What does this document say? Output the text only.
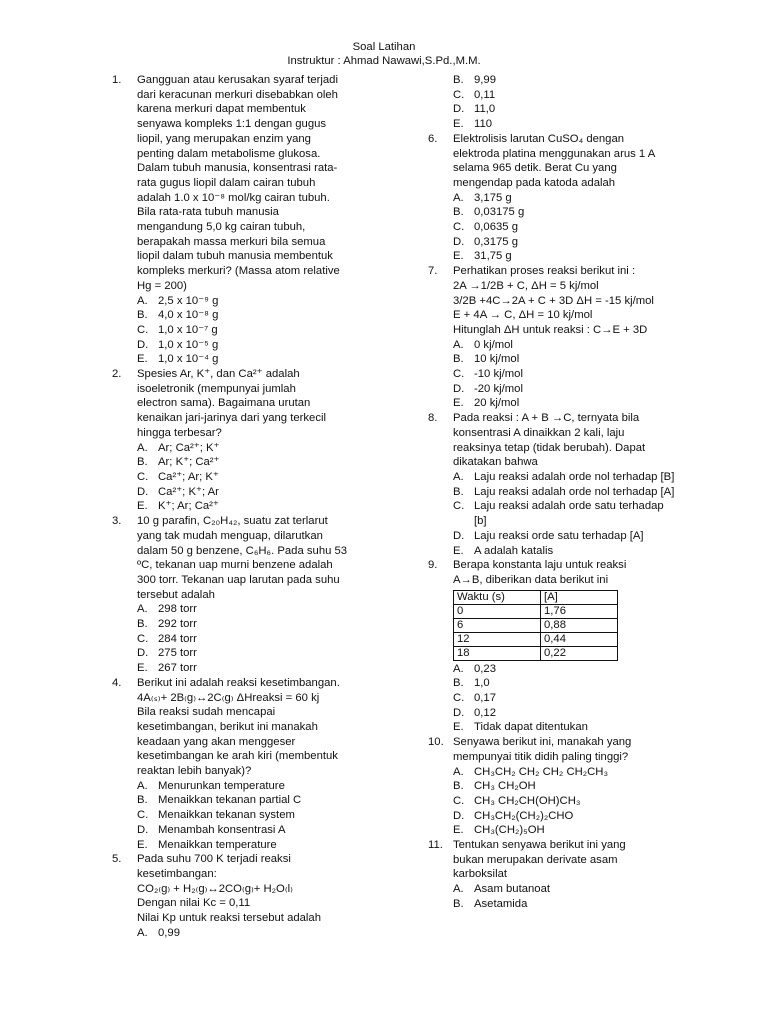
Soal Latihan
Instruktur : Ahmad Nawawi,S.Pd.,M.M.
1.	Gangguan atau kerusakan syaraf terjadi
dari keracunan merkuri disebabkan oleh
karena merkuri dapat membentuk
senyawa kompleks 1:1 dengan gugus
liopil, yang merupakan enzim yang
penting dalam metabolisme glukosa.
Dalam tubuh manusia, konsentrasi rata-
rata gugus liopil dalam cairan tubuh
adalah 1.0 x 10⁻⁸ mol/kg cairan tubuh.
Bila rata-rata tubuh manusia
mengandung 5,0 kg cairan tubuh,
berapakah massa merkuri bila semua
liopil dalam tubuh manusia membentuk
kompleks merkuri? (Massa atom relative
Hg = 200)
A. 2,5 x 10⁻⁹ g
B. 4,0 x 10⁻⁸ g
C. 1,0 x 10⁻⁷ g
D. 1,0 x 10⁻⁵ g
E. 1,0 x 10⁻⁴ g
2.	Spesies Ar, K⁺, dan Ca²⁺ adalah
isoeletronik (mempunyai jumlah
electron sama). Bagaimana urutan
kenaikan jari-jarinya dari yang terkecil
hingga terbesar?
A. Ar; Ca²⁺; K⁺
B. Ar; K⁺; Ca²⁺
C. Ca²⁺; Ar; K⁺
D. Ca²⁺; K⁺; Ar
E. K⁺; Ar; Ca²⁺
3.	10 g parafin, C₂₀H₄₂, suatu zat terlarut
yang tak mudah menguap, dilarutkan
dalam 50 g benzene, C₆H₆. Pada suhu 53
ºC, tekanan uap murni benzene adalah
300 torr. Tekanan uap larutan pada suhu
tersebut adalah
A. 298 torr
B. 292 torr
C. 284 torr
D. 275 torr
E. 267 torr
4.	Berikut ini adalah reaksi kesetimbangan.
4A₍ₛ₎+ 2B₍g₎↔2C₍g₎ ΔHreaksi = 60 kj
Bila reaksi sudah mencapai
kesetimbangan, berikut ini manakah
keadaan yang akan menggeser
kesetimbangan ke arah kiri (membentuk
reaktan lebih banyak)?
A. Menurunkan temperature
B. Menaikkan tekanan partial C
C. Menaikkan tekanan system
D. Menambah konsentrasi A
E. Menaikkan temperature
5.	Pada suhu 700 K terjadi reaksi
kesetimbangan:
CO₂₍g₎ + H₂₍g₎↔2CO₍g₎+ H₂O₍l₎
Dengan nilai Kc = 0,11
Nilai Kp untuk reaksi tersebut adalah
A. 0,99
B. 9,99
C. 0,11
D. 11,0
E. 110
6.	Elektrolisis larutan CuSO₄ dengan
elektroda platina menggunakan arus 1 A
selama 965 detik. Berat Cu yang
mengendap pada katoda adalah
A. 3,175 g
B. 0,03175 g
C. 0,0635 g
D. 0,3175 g
E. 31,75 g
7.	Perhatikan proses reaksi berikut ini :
2A →1/2B + C, ΔH = 5 kj/mol
3/2B +4C→2A + C + 3D ΔH = -15 kj/mol
E + 4A → C, ΔH = 10 kj/mol
Hitunglah ΔH untuk reaksi : C→E + 3D
A. 0 kj/mol
B. 10 kj/mol
C. -10 kj/mol
D. -20 kj/mol
E. 20 kj/mol
8.	Pada reaksi : A + B →C, ternyata bila
konsentrasi A dinaikkan 2 kali, laju
reaksinya tetap (tidak berubah). Dapat
dikatakan bahwa
A. Laju reaksi adalah orde nol terhadap [B]
B. Laju reaksi adalah orde nol terhadap [A]
C. Laju reaksi adalah orde satu terhadap [b]
D. Laju reaksi orde satu terhadap [A]
E. A adalah katalis
9.	Berapa konstanta laju untuk reaksi
A→B, diberikan data berikut ini
Waktu (s)	[A]
0	1,76
6	0,88
12	0,44
18	0,22
A. 0,23
B. 1,0
C. 0,17
D. 0,12
E. Tidak dapat ditentukan
10. Senyawa berikut ini, manakah yang
mempunyai titik didih paling tinggi?
A. CH₃CH₂ CH₂ CH₂ CH₂CH₃
B. CH₃ CH₂OH
C. CH₃ CH₂CH(OH)CH₃
D. CH₃CH₂(CH₂)₂CHO
E. CH₃(CH₂)₅OH
11. Tentukan senyawa berikut ini yang
bukan merupakan derivate asam
karboksilat
A. Asam butanoat
B. Asetamida
